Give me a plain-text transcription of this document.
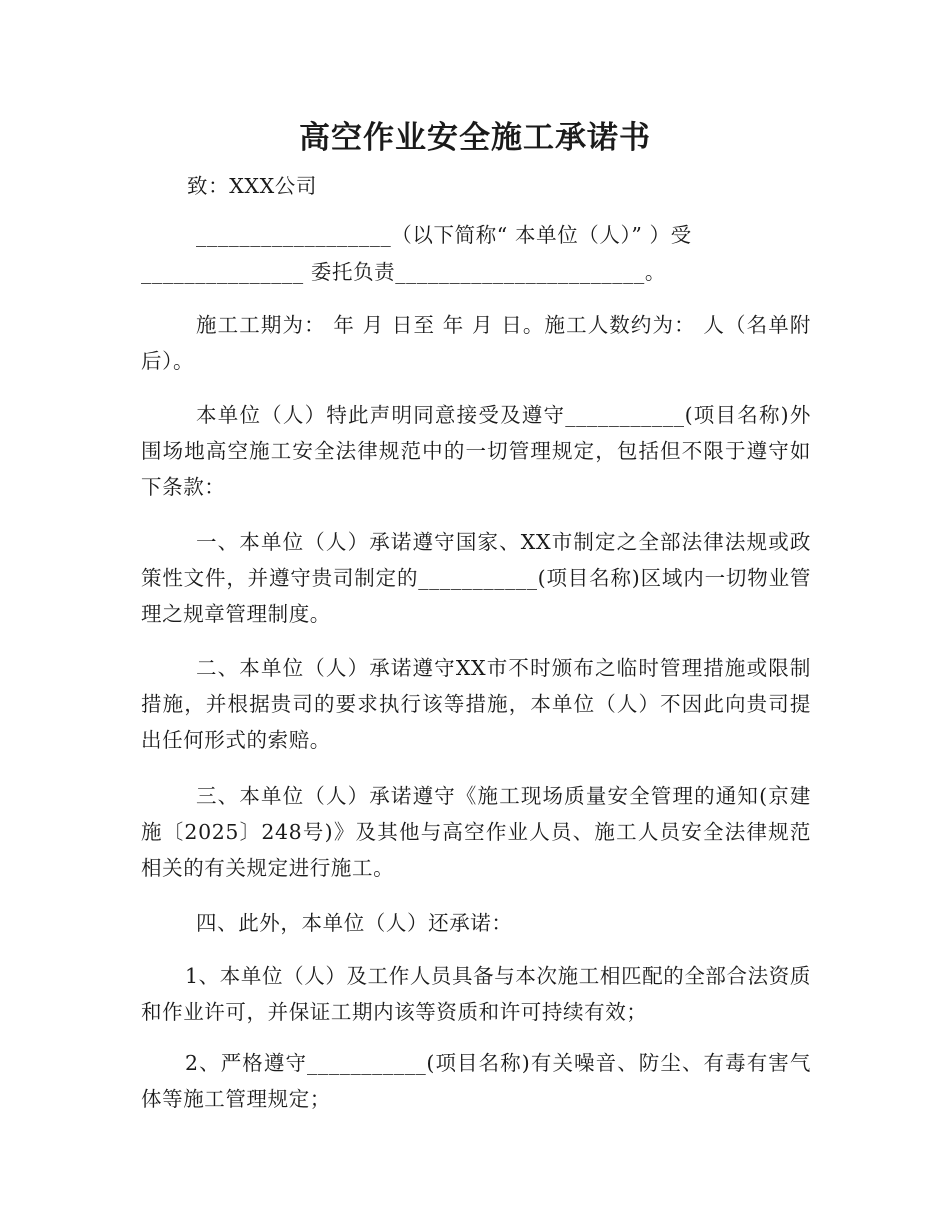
高空作业安全施工承诺书
致：XXX公司
__________________（以下简称“ 本单位（人）” ）受
_______________ 委托负责_______________________。
施工工期为： 年 月 日至 年 月 日。施工人数约为： 人（名单附后）。
本单位（人）特此声明同意接受及遵守___________(项目名称)外围场地高空施工安全法律规范中的一切管理规定，包括但不限于遵守如下条款：
一、本单位（人）承诺遵守国家、XX市制定之全部法律法规或政策性文件，并遵守贵司制定的___________(项目名称)区域内一切物业管理之规章管理制度。
二、本单位（人）承诺遵守XX市不时颁布之临时管理措施或限制措施，并根据贵司的要求执行该等措施，本单位（人）不因此向贵司提出任何形式的索赔。
三、本单位（人）承诺遵守《施工现场质量安全管理的通知(京建施〔2025〕248号)》及其他与高空作业人员、施工人员安全法律规范相关的有关规定进行施工。
四、此外，本单位（人）还承诺：
1、本单位（人）及工作人员具备与本次施工相匹配的全部合法资质和作业许可，并保证工期内该等资质和许可持续有效；
2、严格遵守___________(项目名称)有关噪音、防尘、有毒有害气体等施工管理规定；
